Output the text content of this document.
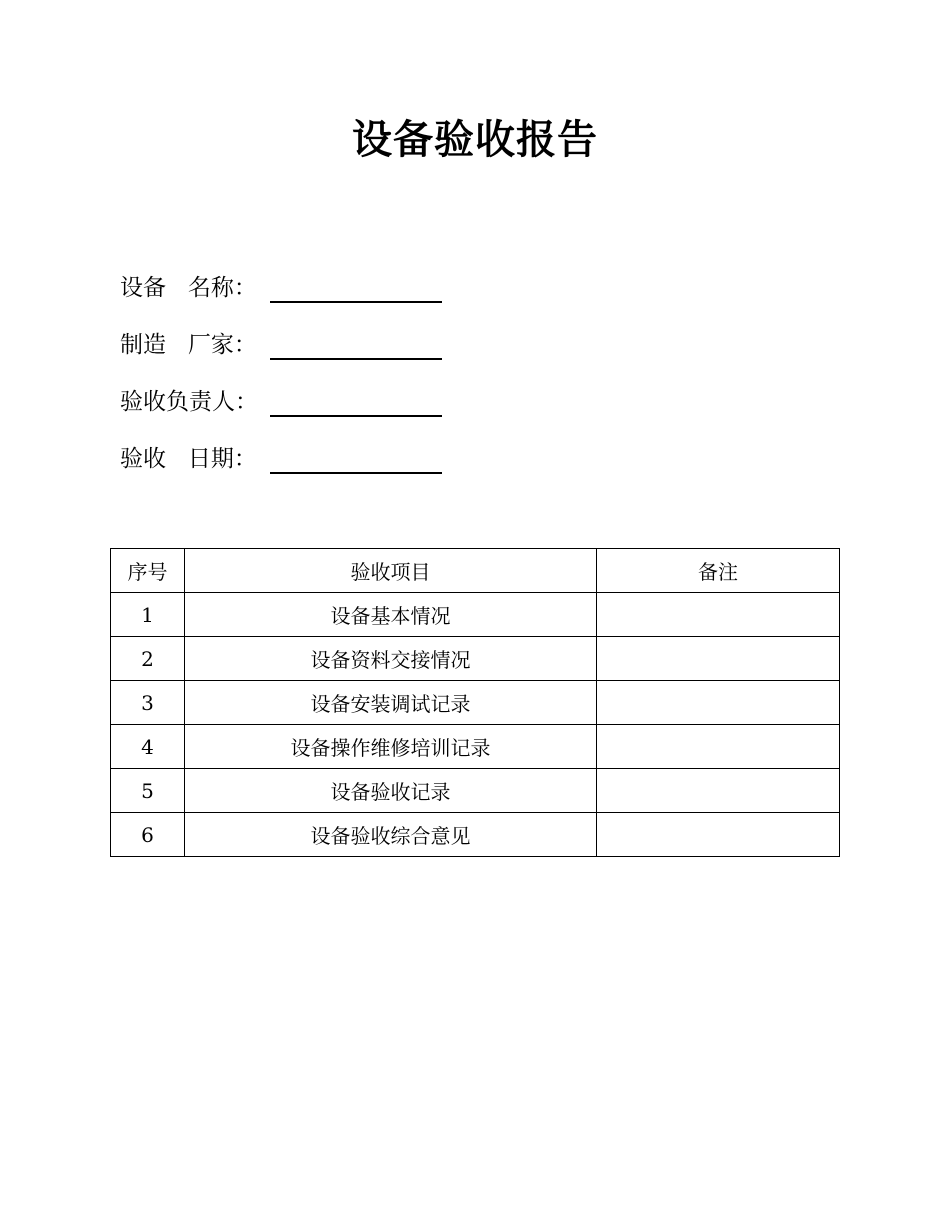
设备验收报告
设备   名称：
制造   厂家：
验收负责人：
验收   日期：
序号	验收项目	备注
1	设备基本情况	
2	设备资料交接情况	
3	设备安装调试记录	
4	设备操作维修培训记录	
5	设备验收记录	
6	设备验收综合意见	
